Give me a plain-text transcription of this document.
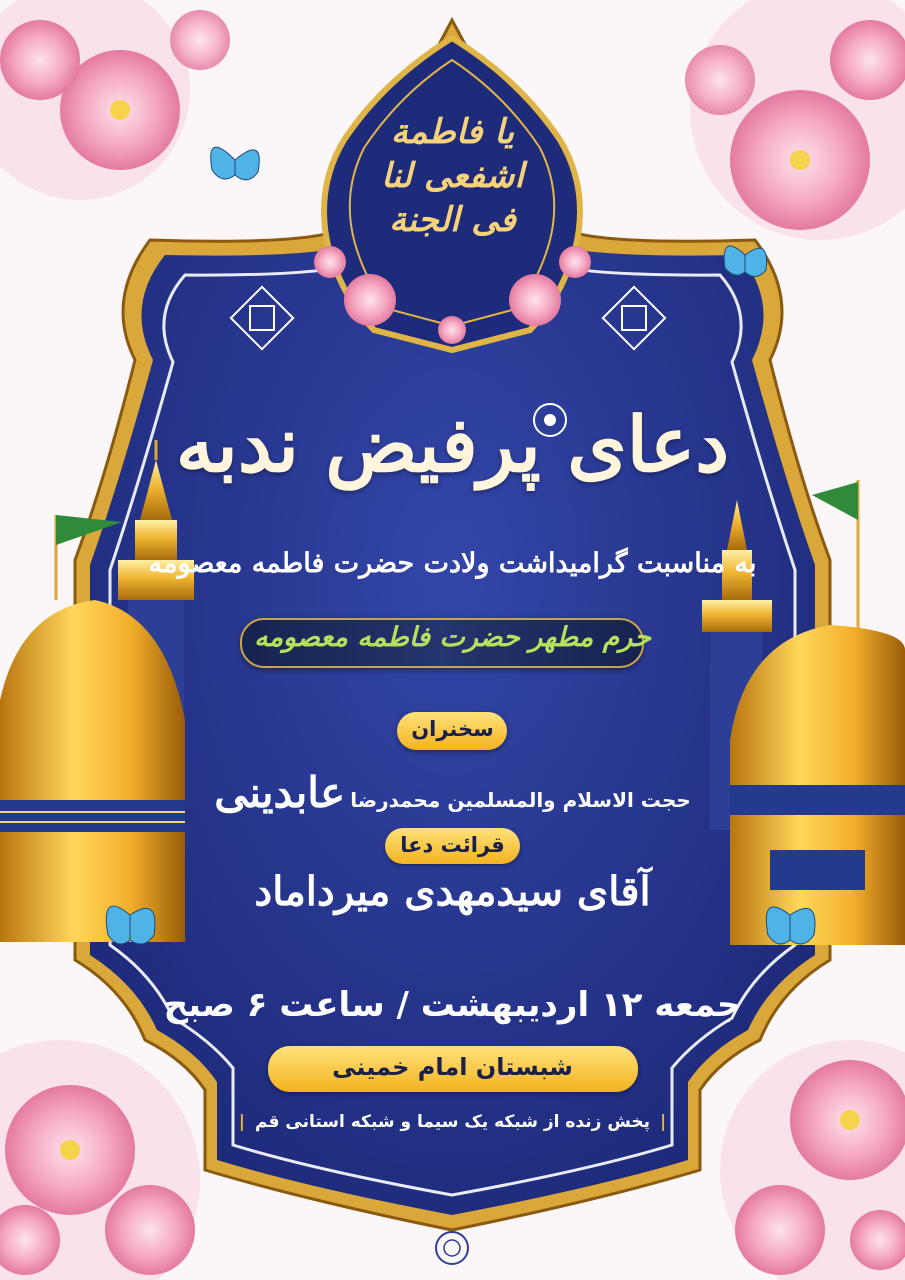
یا فاطمة
اشفعی لنا
فی الجنة
دعای پرفیض ندبه
به مناسبت گرامیداشت ولادت حضرت فاطمه معصومه
حرم مطهر حضرت فاطمه معصومه
سخنران
حجت الاسلام والمسلمین محمدرضا عابدینی
قرائت دعا
آقای سیدمهدی میرداماد
جمعه ۱۲ اردیبهشت / ساعت ۶ صبح
شبستان امام خمینی
|پخش زنده از شبکه یک سیما و شبکه استانی قم|
